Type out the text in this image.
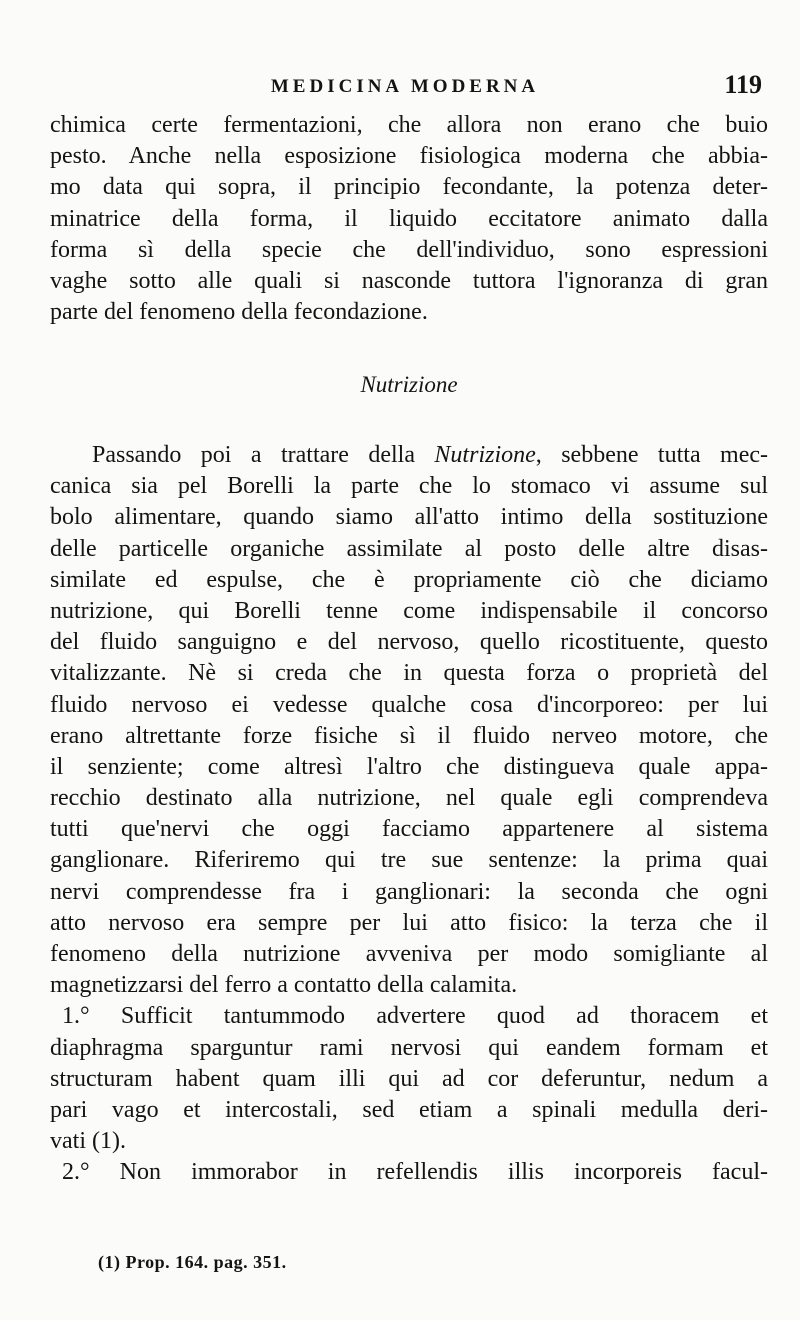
MEDICINA MODERNA	119
chimica certe fermentazioni, che allora non erano che buio
pesto. Anche nella esposizione fisiologica moderna che abbia-
mo data qui sopra, il principio fecondante, la potenza deter-
minatrice della forma, il liquido eccitatore animato dalla
forma sì della specie che dell'individuo, sono espressioni
vaghe sotto alle quali si nasconde tuttora l'ignoranza di gran
parte del fenomeno della fecondazione.
Nutrizione
Passando poi a trattare della Nutrizione, sebbene tutta mec-
canica sia pel Borelli la parte che lo stomaco vi assume sul
bolo alimentare, quando siamo all'atto intimo della sostituzione
delle particelle organiche assimilate al posto delle altre disas-
similate ed espulse, che è propriamente ciò che diciamo
nutrizione, qui Borelli tenne come indispensabile il concorso
del fluido sanguigno e del nervoso, quello ricostituente, questo
vitalizzante. Nè si creda che in questa forza o proprietà del
fluido nervoso ei vedesse qualche cosa d'incorporeo: per lui
erano altrettante forze fisiche sì il fluido nerveo motore, che
il senziente; come altresì l'altro che distingueva quale appa-
recchio destinato alla nutrizione, nel quale egli comprendeva
tutti que'nervi che oggi facciamo appartenere al sistema
ganglionare. Riferiremo qui tre sue sentenze: la prima quai
nervi comprendesse fra i ganglionari: la seconda che ogni
atto nervoso era sempre per lui atto fisico: la terza che il
fenomeno della nutrizione avveniva per modo somigliante al
magnetizzarsi del ferro a contatto della calamita.
1.° Sufficit tantummodo advertere quod ad thoracem et
diaphragma sparguntur rami nervosi qui eandem formam et
structuram habent quam illi qui ad cor deferuntur, nedum a
pari vago et intercostali, sed etiam a spinali medulla deri-
vati (1).
2.° Non immorabor in refellendis illis incorporeis facul-
(1) Prop. 164. pag. 351.
